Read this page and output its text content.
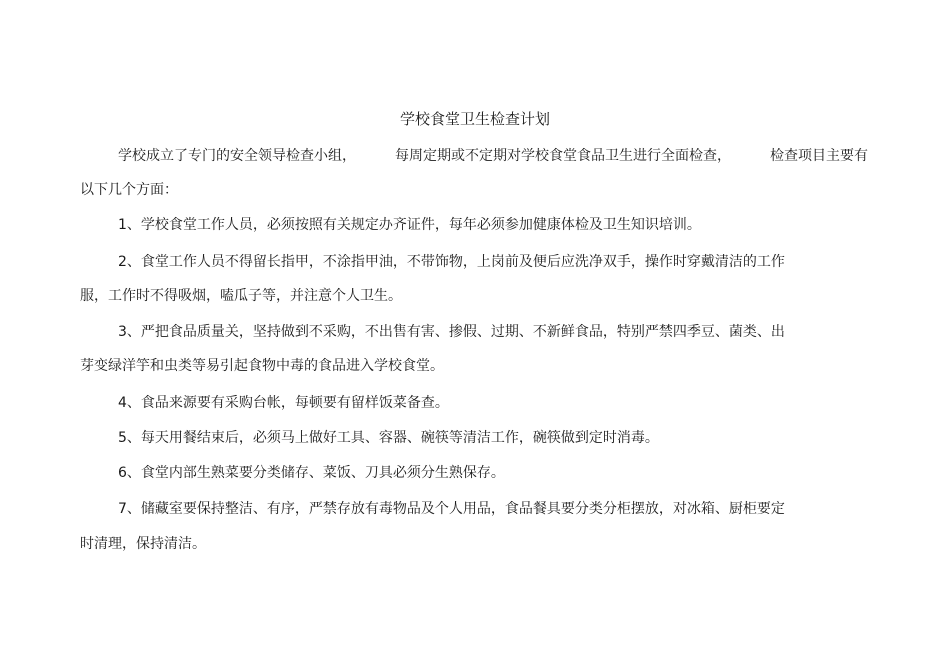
学校食堂卫生检查计划
学校成立了专门的安全领导检查小组，	每周定期或不定期对学校食堂食品卫生进行全面检查，	检查项目主要有
以下几个方面：
1、学校食堂工作人员，必须按照有关规定办齐证件，每年必须参加健康体检及卫生知识培训。
2、食堂工作人员不得留长指甲，不涂指甲油，不带饰物，上岗前及便后应洗净双手，操作时穿戴清洁的工作
服，工作时不得吸烟，嗑瓜子等，并注意个人卫生。
3、严把食品质量关，坚持做到不采购，不出售有害、掺假、过期、不新鲜食品，特别严禁四季豆、菌类、出
芽变绿洋竽和虫类等易引起食物中毒的食品进入学校食堂。
4、食品来源要有采购台帐，每顿要有留样饭菜备查。
5、每天用餐结束后，必须马上做好工具、容器、碗筷等清洁工作，碗筷做到定时消毒。
6、食堂内部生熟菜要分类储存、菜饭、刀具必须分生熟保存。
7、储藏室要保持整洁、有序，严禁存放有毒物品及个人用品，食品餐具要分类分柜摆放，对冰箱、厨柜要定
时清理，保持清洁。
